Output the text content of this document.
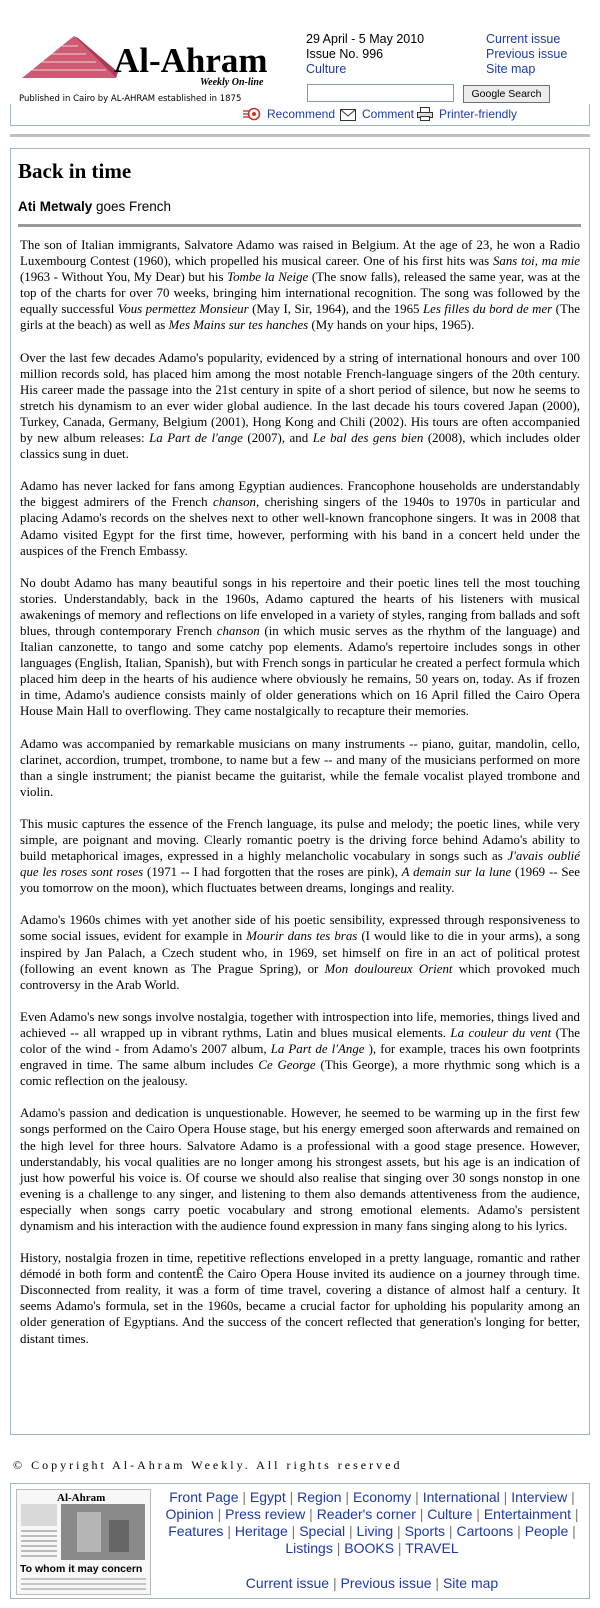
Al-Ahram
Weekly On-line
Published in Cairo by AL-AHRAM established in 1875
29 April - 5 May 2010
Issue No. 996
Culture
Current issue
Previous issue
Site map
Google Search
Recommend	Comment	Printer-friendly
Back in time
Ati Metwaly goes French

The son of Italian immigrants, Salvatore Adamo was raised in Belgium. At the age of 23, he won a Radio Luxembourg Contest (1960), which propelled his musical career. One of his first hits was Sans toi, ma mie (1963 - Without You, My Dear) but his Tombe la Neige (The snow falls), released the same year, was at the top of the charts for over 70 weeks, bringing him international recognition. The song was followed by the equally successful Vous permettez Monsieur (May I, Sir, 1964), and the 1965 Les filles du bord de mer (The girls at the beach) as well as Mes Mains sur tes hanches (My hands on your hips, 1965).

Over the last few decades Adamo's popularity, evidenced by a string of international honours and over 100 million records sold, has placed him among the most notable French-language singers of the 20th century. His career made the passage into the 21st century in spite of a short period of silence, but now he seems to stretch his dynamism to an ever wider global audience. In the last decade his tours covered Japan (2000), Turkey, Canada, Germany, Belgium (2001), Hong Kong and Chili (2002). His tours are often accompanied by new album releases: La Part de l'ange (2007), and Le bal des gens bien (2008), which includes older classics sung in duet.

Adamo has never lacked for fans among Egyptian audiences. Francophone households are understandably the biggest admirers of the French chanson, cherishing singers of the 1940s to 1970s in particular and placing Adamo's records on the shelves next to other well-known francophone singers. It was in 2008 that Adamo visited Egypt for the first time, however, performing with his band in a concert held under the auspices of the French Embassy.

No doubt Adamo has many beautiful songs in his repertoire and their poetic lines tell the most touching stories. Understandably, back in the 1960s, Adamo captured the hearts of his listeners with musical awakenings of memory and reflections on life enveloped in a variety of styles, ranging from ballads and soft blues, through contemporary French chanson (in which music serves as the rhythm of the language) and Italian canzonette, to tango and some catchy pop elements. Adamo's repertoire includes songs in other languages (English, Italian, Spanish), but with French songs in particular he created a perfect formula which placed him deep in the hearts of his audience where obviously he remains, 50 years on, today. As if frozen in time, Adamo's audience consists mainly of older generations which on 16 April filled the Cairo Opera House Main Hall to overflowing. They came nostalgically to recapture their memories.

Adamo was accompanied by remarkable musicians on many instruments -- piano, guitar, mandolin, cello, clarinet, accordion, trumpet, trombone, to name but a few -- and many of the musicians performed on more than a single instrument; the pianist became the guitarist, while the female vocalist played trombone and violin.

This music captures the essence of the French language, its pulse and melody; the poetic lines, while very simple, are poignant and moving. Clearly romantic poetry is the driving force behind Adamo's ability to build metaphorical images, expressed in a highly melancholic vocabulary in songs such as J'avais oublié que les roses sont roses (1971 -- I had forgotten that the roses are pink), A demain sur la lune (1969 -- See you tomorrow on the moon), which fluctuates between dreams, longings and reality.

Adamo's 1960s chimes with yet another side of his poetic sensibility, expressed through responsiveness to some social issues, evident for example in Mourir dans tes bras (I would like to die in your arms), a song inspired by Jan Palach, a Czech student who, in 1969, set himself on fire in an act of political protest (following an event known as The Prague Spring), or Mon douloureux Orient which provoked much controversy in the Arab World.

Even Adamo's new songs involve nostalgia, together with introspection into life, memories, things lived and achieved -- all wrapped up in vibrant rythms, Latin and blues musical elements. La couleur du vent (The color of the wind - from Adamo's 2007 album, La Part de l'Ange ), for example, traces his own footprints engraved in time. The same album includes Ce George (This George), a more rhythmic song which is a comic reflection on the jealousy.

Adamo's passion and dedication is unquestionable. However, he seemed to be warming up in the first few songs performed on the Cairo Opera House stage, but his energy emerged soon afterwards and remained on the high level for three hours. Salvatore Adamo is a professional with a good stage presence. However, understandably, his vocal qualities are no longer among his strongest assets, but his age is an indication of just how powerful his voice is. Of course we should also realise that singing over 30 songs nonstop in one evening is a challenge to any singer, and listening to them also demands attentiveness from the audience, especially when songs carry poetic vocabulary and strong emotional elements. Adamo's persistent dynamism and his interaction with the audience found expression in many fans singing along to his lyrics.

History, nostalgia frozen in time, repetitive reflections enveloped in a pretty language, romantic and rather démodé in both form and contentÊ the Cairo Opera House invited its audience on a journey through time. Disconnected from reality, it was a form of time travel, covering a distance of almost half a century. It seems Adamo's formula, set in the 1960s, became a crucial factor for upholding his popularity among an older generation of Egyptians. And the success of the concert reflected that generation's longing for better, distant times.

© Copyright Al-Ahram Weekly. All rights reserved
Al-Ahram
To whom it may concern
Front Page | Egypt | Region | Economy | International | Interview | Opinion | Press review | Reader's corner | Culture | Entertainment | Features | Heritage | Special | Living | Sports | Cartoons | People | Listings | BOOKS | TRAVEL
Current issue | Previous issue | Site map
